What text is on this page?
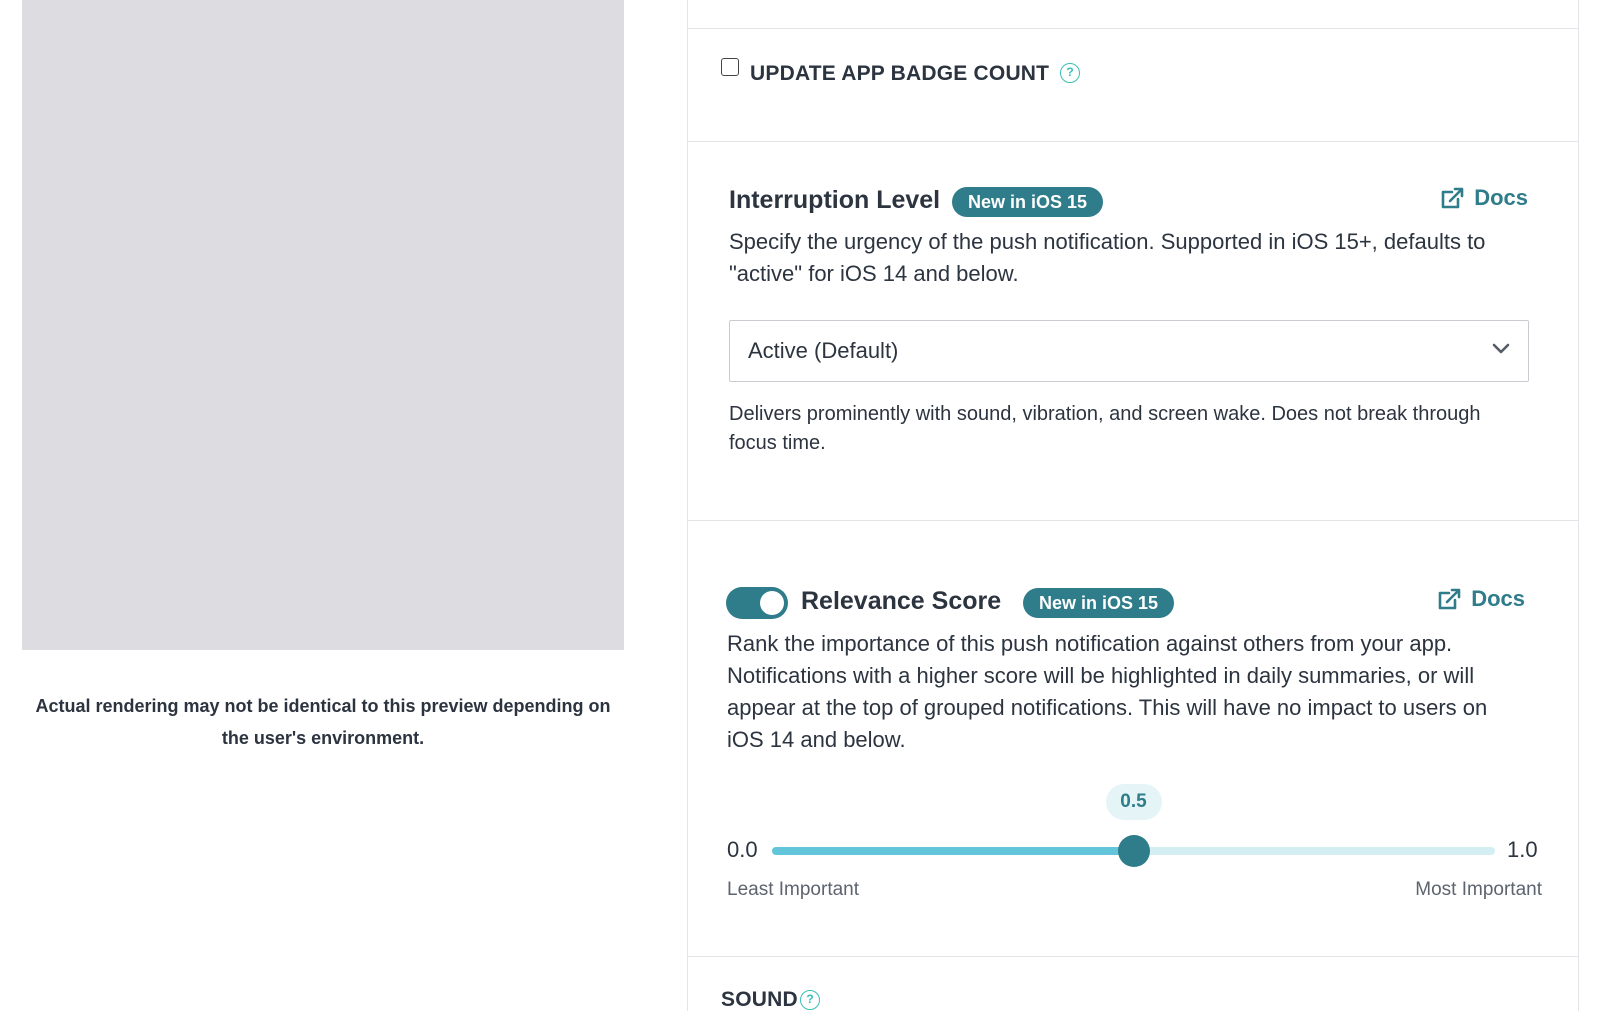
Actual rendering may not be identical to this preview depending on the user's environment.
UPDATE APP BADGE COUNT	?
Interruption Level	New in iOS 15	Docs
Specify the urgency of the push notification. Supported in iOS 15+, defaults to "active" for iOS 14 and below.
Active (Default)
Delivers prominently with sound, vibration, and screen wake. Does not break through focus time.
Relevance Score	New in iOS 15	Docs
Rank the importance of this push notification against others from your app. Notifications with a higher score will be highlighted in daily summaries, or will appear at the top of grouped notifications. This will have no impact to users on iOS 14 and below.
0.5
0.0	1.0
Least Important	Most Important
SOUND ?
